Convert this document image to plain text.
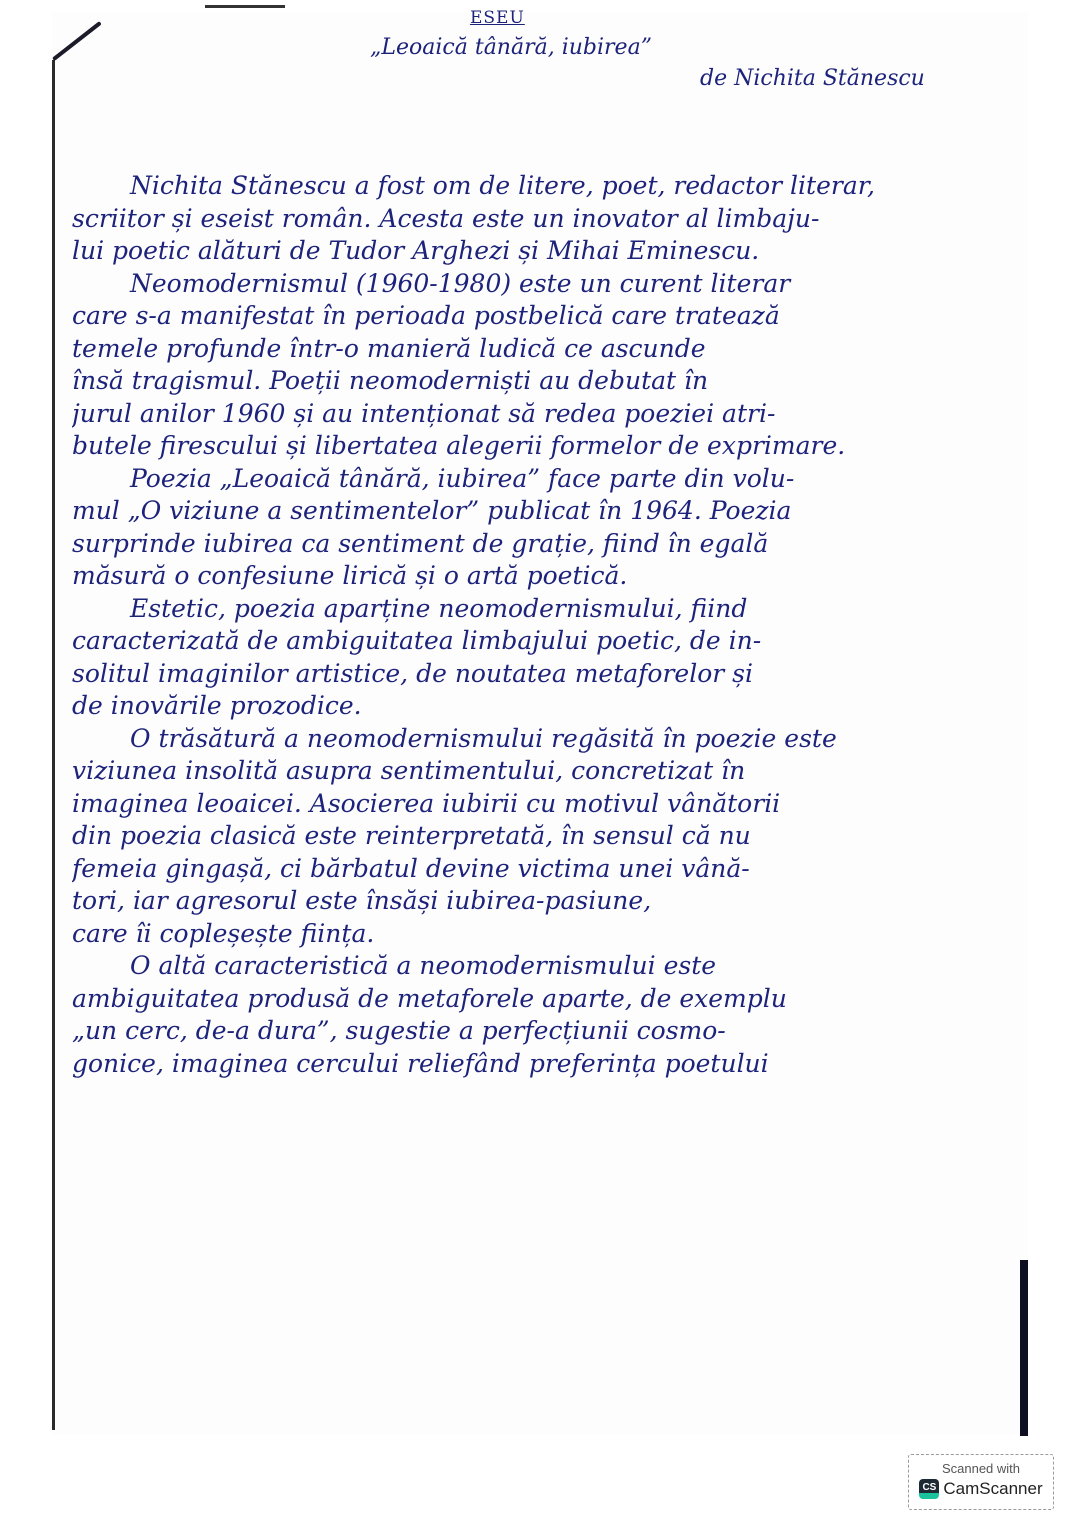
ESEU
„Leoaică tânără, iubirea”
de Nichita Stănescu
Nichita Stănescu a fost om de litere, poet, redactor literar,
scriitor și eseist român. Acesta este un inovator al limbaju-
lui poetic alături de Tudor Arghezi și Mihai Eminescu.
Neomodernismul (1960-1980) este un curent literar
care s-a manifestat în perioada postbelică care tratează
temele profunde într-o manieră ludică ce ascunde
însă tragismul. Poeții neomoderniști au debutat în
jurul anilor 1960 și au intenționat să redea poeziei atri-
butele firescului și libertatea alegerii formelor de exprimare.
Poezia „Leoaică tânără, iubirea” face parte din volu-
mul „O viziune a sentimentelor” publicat în 1964. Poezia
surprinde iubirea ca sentiment de grație, fiind în egală
măsură o confesiune lirică și o artă poetică.
Estetic, poezia aparține neomodernismului, fiind
caracterizată de ambiguitatea limbajului poetic, de in-
solitul imaginilor artistice, de noutatea metaforelor și
de inovările prozodice.
O trăsătură a neomodernismului regăsită în poezie este
viziunea insolită asupra sentimentului, concretizat în
imaginea leoaicei. Asocierea iubirii cu motivul vânătorii
din poezia clasică este reinterpretată, în sensul că nu
femeia gingașă, ci bărbatul devine victima unei vână-
tori, iar agresorul este însăși iubirea-pasiune,
care îi copleșește ființa.
O altă caracteristică a neomodernismului este
ambiguitatea produsă de metaforele aparte, de exemplu
„un cerc, de-a dura”, sugestie a perfecțiunii cosmo-
gonice, imaginea cercului reliefând preferința poetului
Scanned with
CS CamScanner
